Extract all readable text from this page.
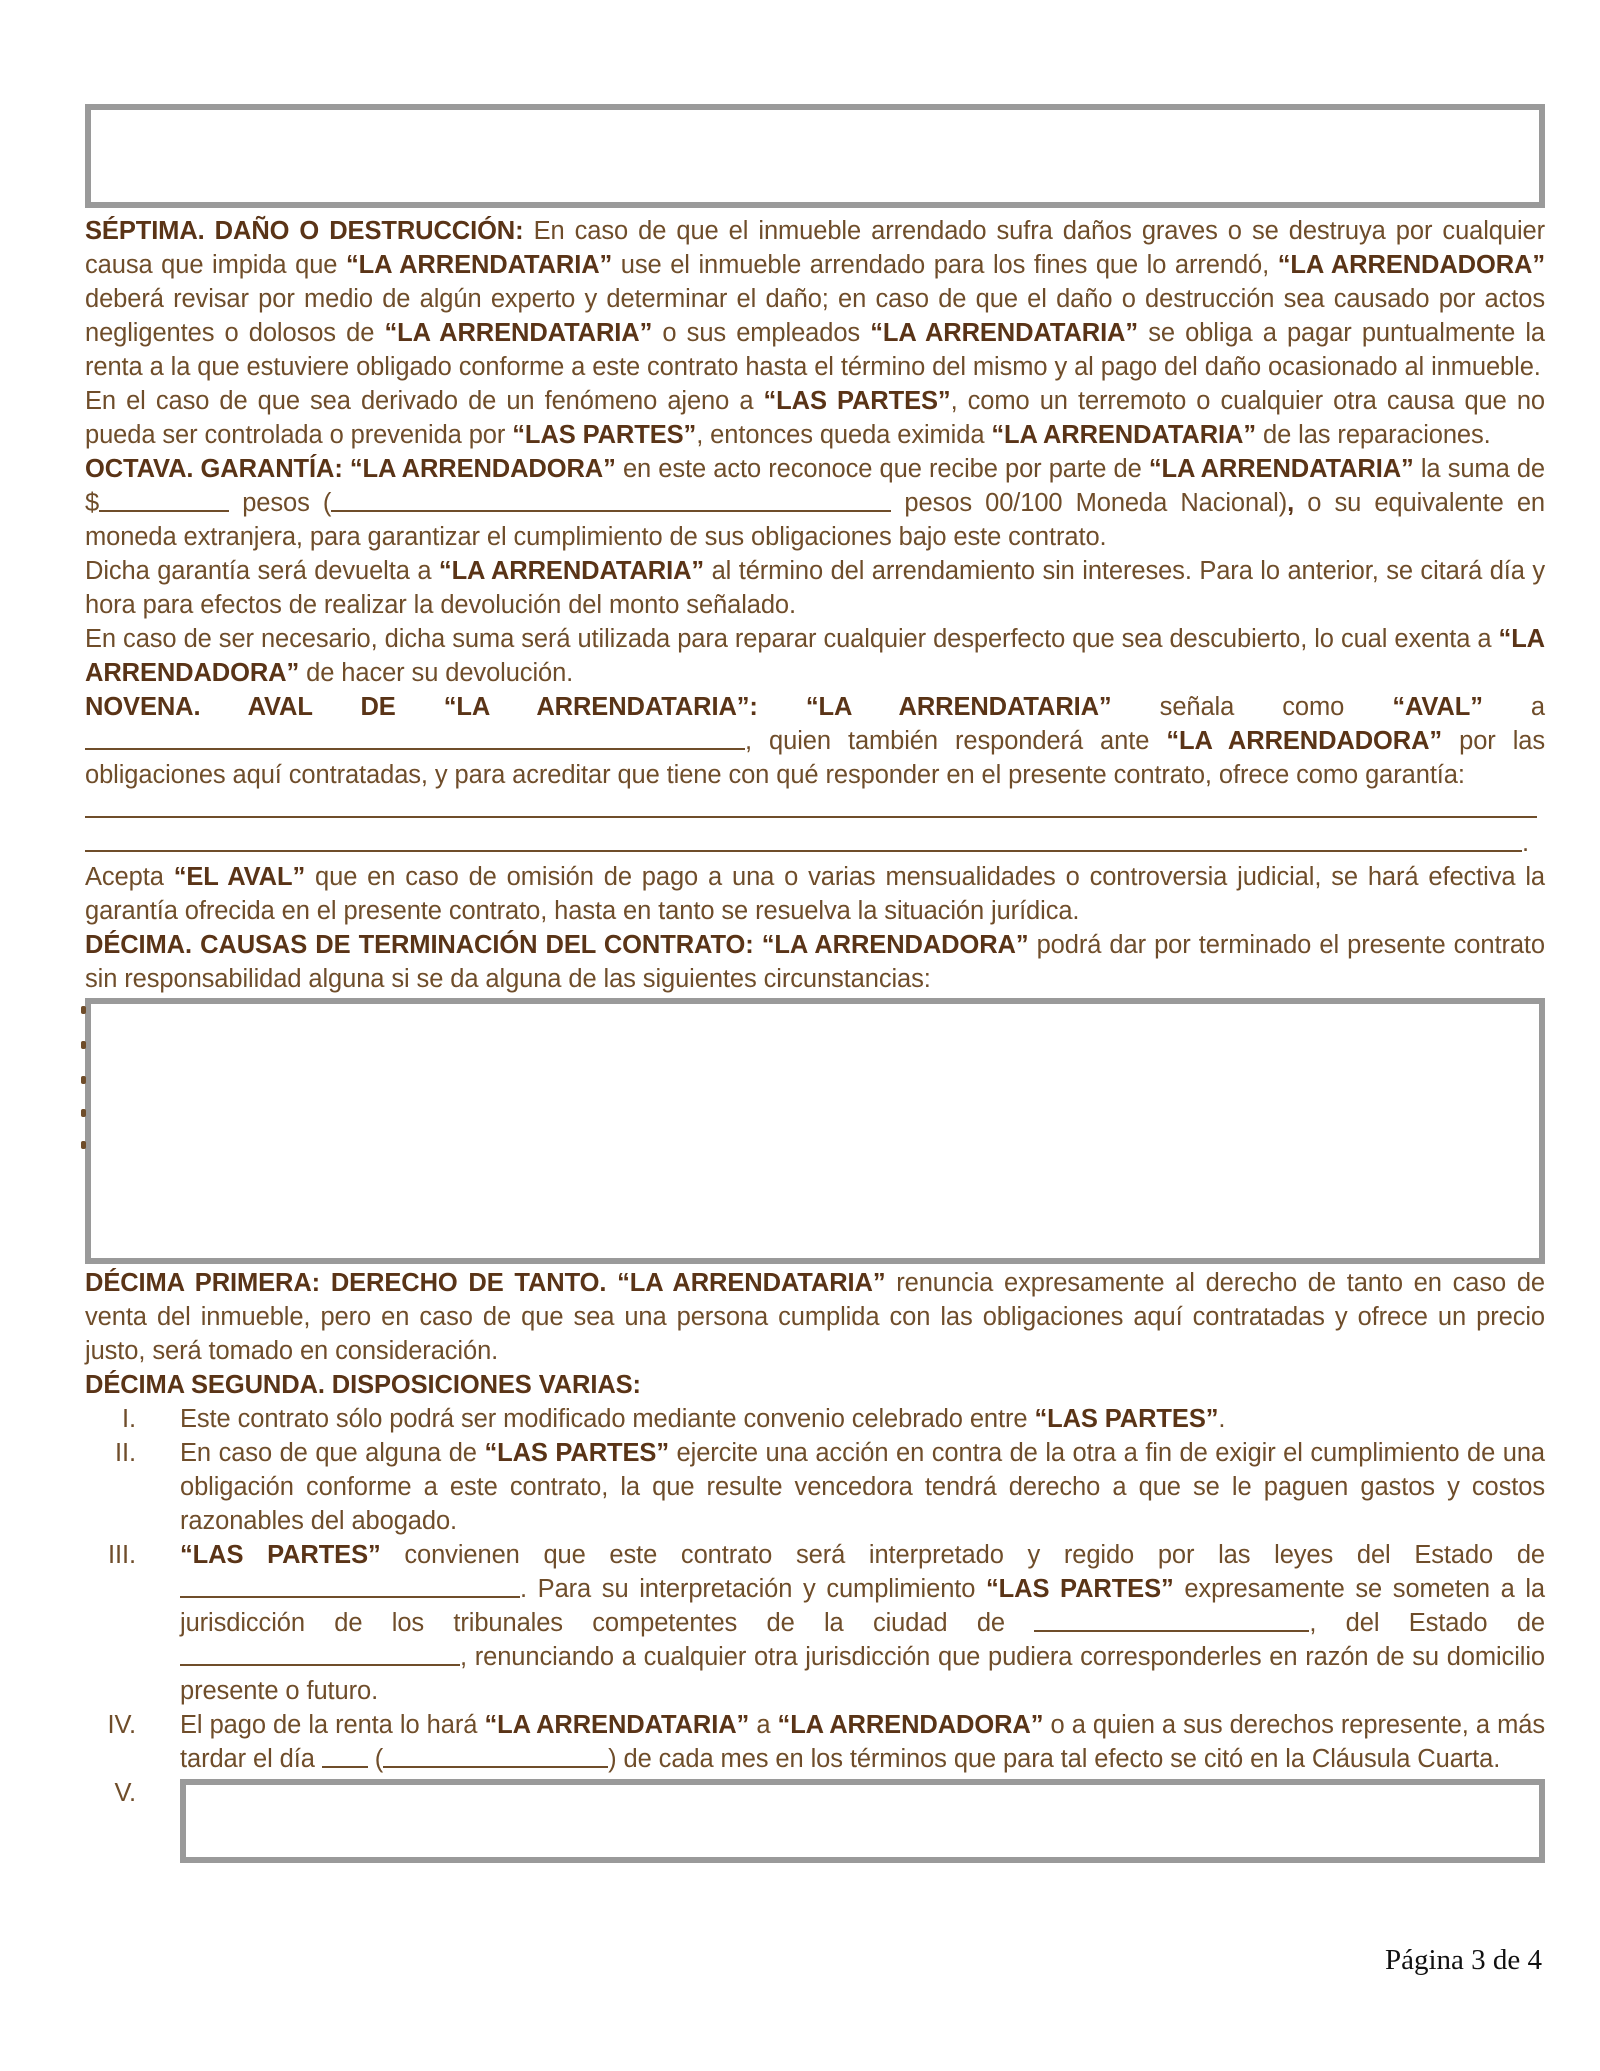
SÉPTIMA. DAÑO O DESTRUCCIÓN: En caso de que el inmueble arrendado sufra daños graves o se destruya por cualquier causa que impida que “LA ARRENDATARIA” use el inmueble arrendado para los fines que lo arrendó, “LA ARRENDADORA” deberá revisar por medio de algún experto y determinar el daño; en caso de que el daño o destrucción sea causado por actos negligentes o dolosos de “LA ARRENDATARIA” o sus empleados “LA ARRENDATARIA” se obliga a pagar puntualmente la renta a la que estuviere obligado conforme a este contrato hasta el término del mismo y al pago del daño ocasionado al inmueble.

En el caso de que sea derivado de un fenómeno ajeno a “LAS PARTES”, como un terremoto o cualquier otra causa que no pueda ser controlada o prevenida por “LAS PARTES”, entonces queda eximida “LA ARRENDATARIA” de las reparaciones.

OCTAVA. GARANTÍA: “LA ARRENDADORA” en este acto reconoce que recibe por parte de “LA ARRENDATARIA” la suma de $	pesos (	pesos 00/100 Moneda Nacional), o su equivalente en moneda extranjera, para garantizar el cumplimiento de sus obligaciones bajo este contrato.

Dicha garantía será devuelta a “LA ARRENDATARIA” al término del arrendamiento sin intereses. Para lo anterior, se citará día y hora para efectos de realizar la devolución del monto señalado.

En caso de ser necesario, dicha suma será utilizada para reparar cualquier desperfecto que sea descubierto, lo cual exenta a “LA ARRENDADORA” de hacer su devolución.

NOVENA. AVAL DE “LA ARRENDATARIA”: “LA ARRENDATARIA” señala como “AVAL” a , quien también responderá ante “LA ARRENDADORA” por las obligaciones aquí contratadas, y para acreditar que tiene con qué responder en el presente contrato, ofrece como garantía:

.

Acepta “EL AVAL” que en caso de omisión de pago a una o varias mensualidades o controversia judicial, se hará efectiva la garantía ofrecida en el presente contrato, hasta en tanto se resuelva la situación jurídica.

DÉCIMA. CAUSAS DE TERMINACIÓN DEL CONTRATO: “LA ARRENDADORA” podrá dar por terminado el presente contrato sin responsabilidad alguna si se da alguna de las siguientes circunstancias:

DÉCIMA PRIMERA: DERECHO DE TANTO. “LA ARRENDATARIA” renuncia expresamente al derecho de tanto en caso de venta del inmueble, pero en caso de que sea una persona cumplida con las obligaciones aquí contratadas y ofrece un precio justo, será tomado en consideración.

DÉCIMA SEGUNDA. DISPOSICIONES VARIAS:

I.	Este contrato sólo podrá ser modificado mediante convenio celebrado entre “LAS PARTES”.
II.	En caso de que alguna de “LAS PARTES” ejercite una acción en contra de la otra a fin de exigir el cumplimiento de una obligación conforme a este contrato, la que resulte vencedora tendrá derecho a que se le paguen gastos y costos razonables del abogado.
III.	“LAS PARTES” convienen que este contrato será interpretado y regido por las leyes del Estado de . Para su interpretación y cumplimiento “LAS PARTES” expresamente se someten a la jurisdicción de los tribunales competentes de la ciudad de	, del Estado de , renunciando a cualquier otra jurisdicción que pudiera corresponderles en razón de su domicilio presente o futuro.
IV.	El pago de la renta lo hará “LA ARRENDATARIA” a “LA ARRENDADORA” o a quien a sus derechos represente, a más tardar el día  (	) de cada mes en los términos que para tal efecto se citó en la Cláusula Cuarta.
V.
Página 3 de 4
